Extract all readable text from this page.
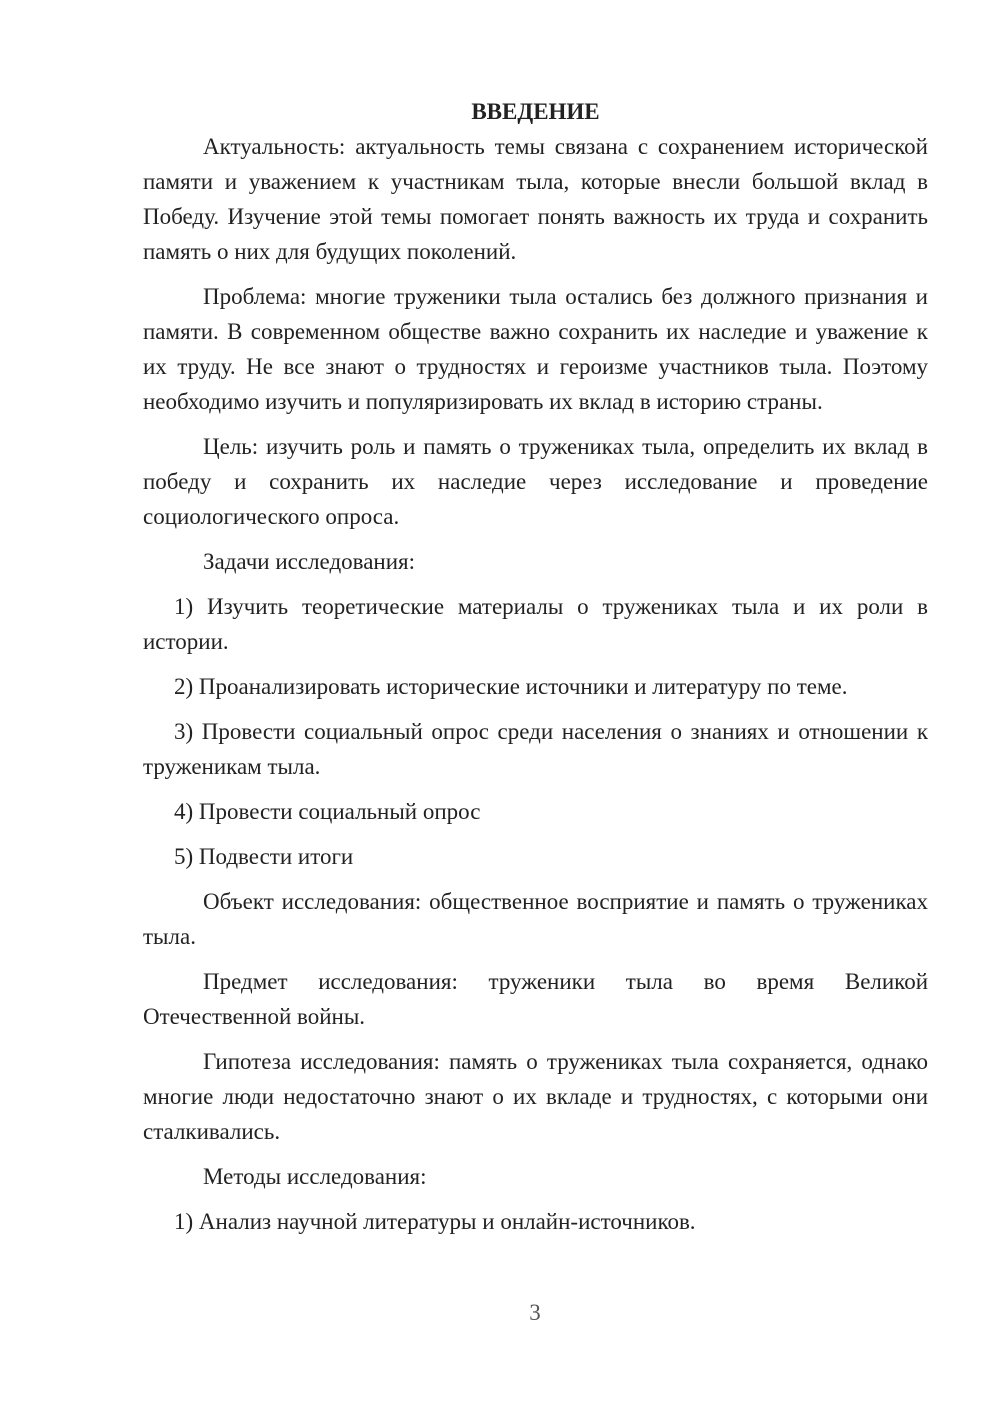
ВВЕДЕНИЕ

Актуальность: актуальность темы связана с сохранением исторической памяти и уважением к участникам тыла, которые внесли большой вклад в Победу. Изучение этой темы помогает понять важность их труда и сохранить память о них для будущих поколений.

Проблема: многие труженики тыла остались без должного признания и памяти. В современном обществе важно сохранить их наследие и уважение к их труду. Не все знают о трудностях и героизме участников тыла. Поэтому необходимо изучить и популяризировать их вклад в историю страны.

Цель: изучить роль и память о тружениках тыла, определить их вклад в победу и сохранить их наследие через исследование и проведение социологического опроса.

Задачи исследования:

1) Изучить теоретические материалы о тружениках тыла и их роли в истории.

2) Проанализировать исторические источники и литературу по теме.

3) Провести социальный опрос среди населения о знаниях и отношении к труженикам тыла.

4) Провести социальный опрос

5) Подвести итоги

Объект исследования: общественное восприятие и память о тружениках тыла.

Предмет исследования: труженики тыла во время Великой Отечественной войны.

Гипотеза исследования: память о тружениках тыла сохраняется, однако многие люди недостаточно знают о их вкладе и трудностях, с которыми они сталкивались.

Методы исследования:

1) Анализ научной литературы и онлайн-источников.

3
